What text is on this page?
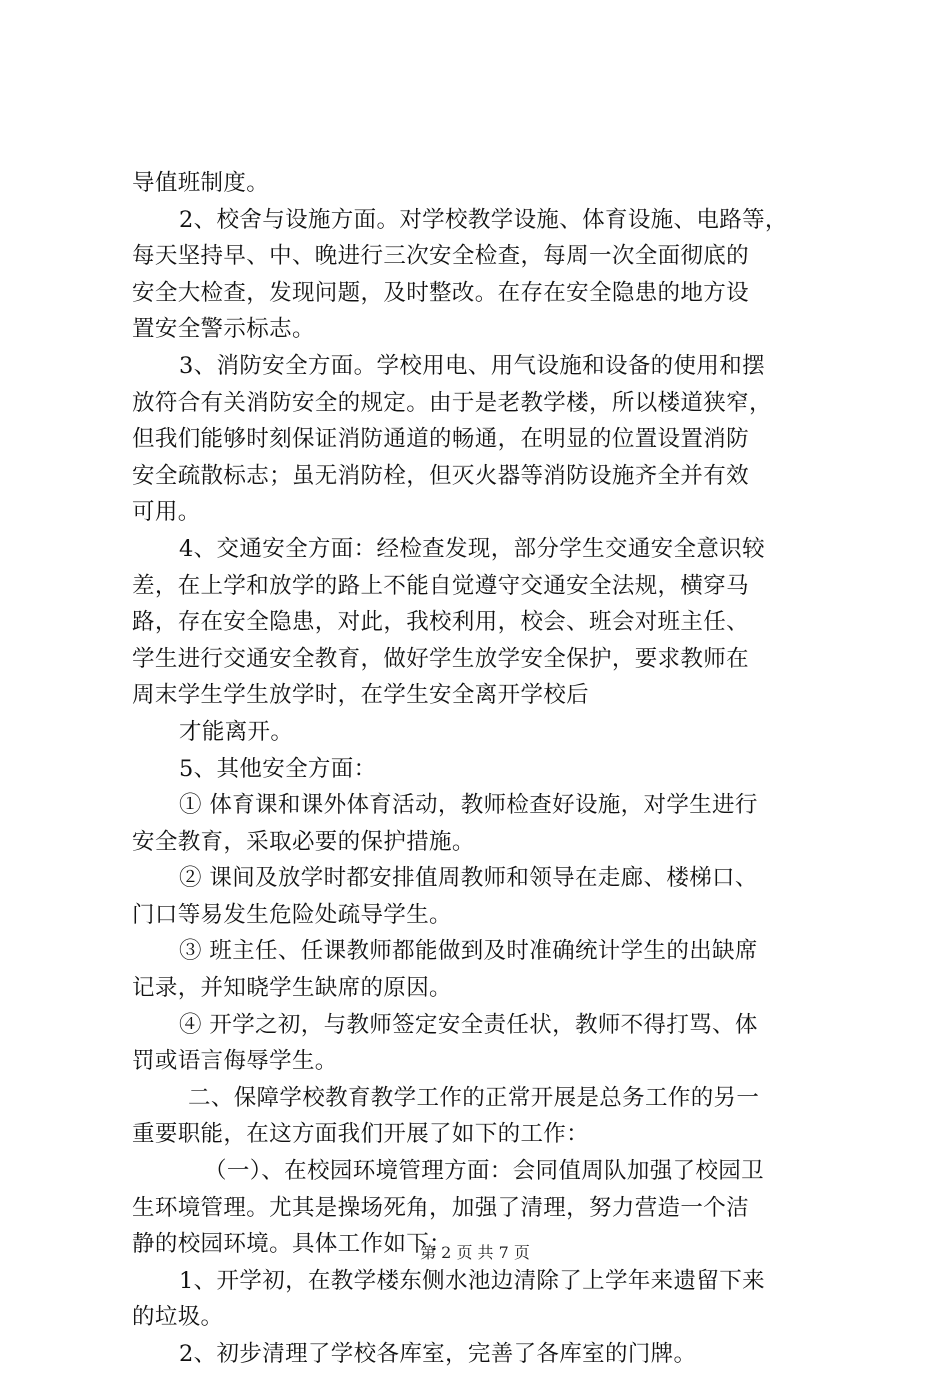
导值班制度。
2、校舍与设施方面。对学校教学设施、体育设施、电路等，
每天坚持早、中、晚进行三次安全检查，每周一次全面彻底的
安全大检查，发现问题，及时整改。在存在安全隐患的地方设
置安全警示标志。
3、消防安全方面。学校用电、用气设施和设备的使用和摆
放符合有关消防安全的规定。由于是老教学楼，所以楼道狭窄，
但我们能够时刻保证消防通道的畅通，在明显的位置设置消防
安全疏散标志；虽无消防栓，但灭火器等消防设施齐全并有效
可用。
4、交通安全方面：经检查发现，部分学生交通安全意识较
差，在上学和放学的路上不能自觉遵守交通安全法规，横穿马
路，存在安全隐患，对此，我校利用，校会、班会对班主任、
学生进行交通安全教育，做好学生放学安全保护，要求教师在
周末学生学生放学时，在学生安全离开学校后
才能离开。
5、其他安全方面：
① 体育课和课外体育活动，教师检查好设施，对学生进行
安全教育，采取必要的保护措施。
② 课间及放学时都安排值周教师和领导在走廊、楼梯口、
门口等易发生危险处疏导学生。
③ 班主任、任课教师都能做到及时准确统计学生的出缺席
记录，并知晓学生缺席的原因。
④ 开学之初，与教师签定安全责任状，教师不得打骂、体
罚或语言侮辱学生。
二、保障学校教育教学工作的正常开展是总务工作的另一
重要职能，在这方面我们开展了如下的工作：
（一）、在校园环境管理方面：会同值周队加强了校园卫
生环境管理。尤其是操场死角，加强了清理，努力营造一个洁
静的校园环境。具体工作如下：
1、开学初，在教学楼东侧水池边清除了上学年来遗留下来
的垃圾。
2、初步清理了学校各库室，完善了各库室的门牌。
第 2 页 共 7 页
